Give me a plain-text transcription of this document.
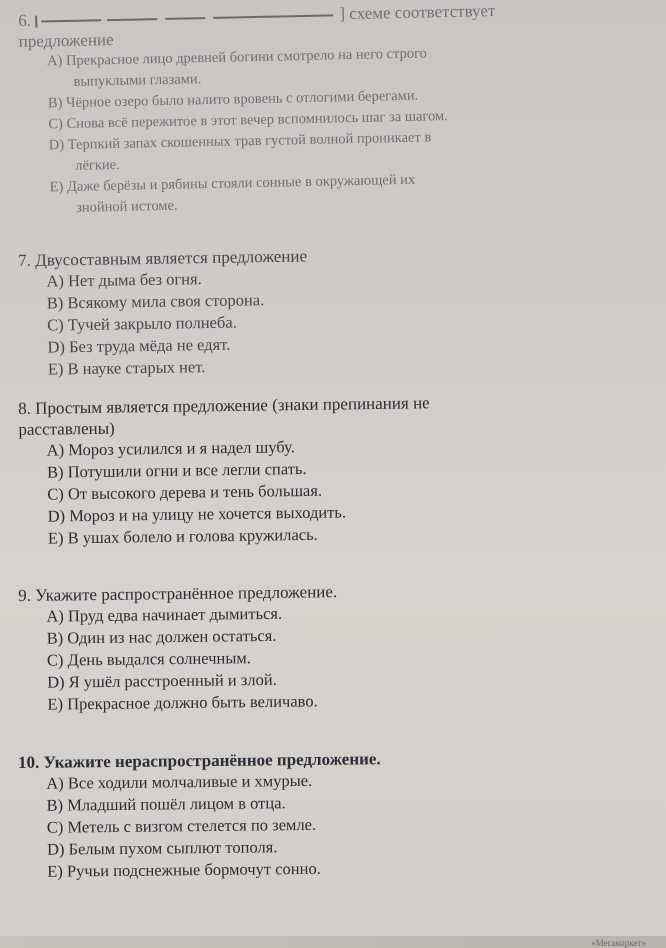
6.	] схеме соответствует

предложение

A) Прекрасное лицо древней богини смотрело на него строго

выпуклыми глазами.

B) Чёрное озеро было налито вровень с отлогими берегами.

C) Снова всё пережитое в этот вечер вспомнилось шаг за шагом.

D) Терпкий запах скошенных трав густой волной проникает в

лёгкие.

E) Даже берёзы и рябины стояли сонные в окружающей их

знойной истоме.

7. Двусоставным является предложение

A) Нет дыма без огня.

B) Всякому мила своя сторона.

C) Тучей закрыло полнеба.

D) Без труда мёда не едят.

E) В науке старых нет.

8. Простым является предложение (знаки препинания не

расставлены)

A) Мороз усилился и я надел шубу.

B) Потушили огни и все легли спать.

C) От высокого дерева и тень большая.

D) Мороз и на улицу не хочется выходить.

E) В ушах болело и голова кружилась.

9. Укажите распространённое предложение.

A) Пруд едва начинает дымиться.

B) Один из нас должен остаться.

C) День выдался солнечным.

D) Я ушёл расстроенный и злой.

E) Прекрасное должно быть величаво.

10. Укажите нераспространённое предложение.

A) Все ходили молчаливые и хмурые.

B) Младший пошёл лицом в отца.

C) Метель с визгом стелется по земле.

D) Белым пухом сыплют тополя.

E) Ручьи подснежные бормочут сонно.

«Мегамаркет»
